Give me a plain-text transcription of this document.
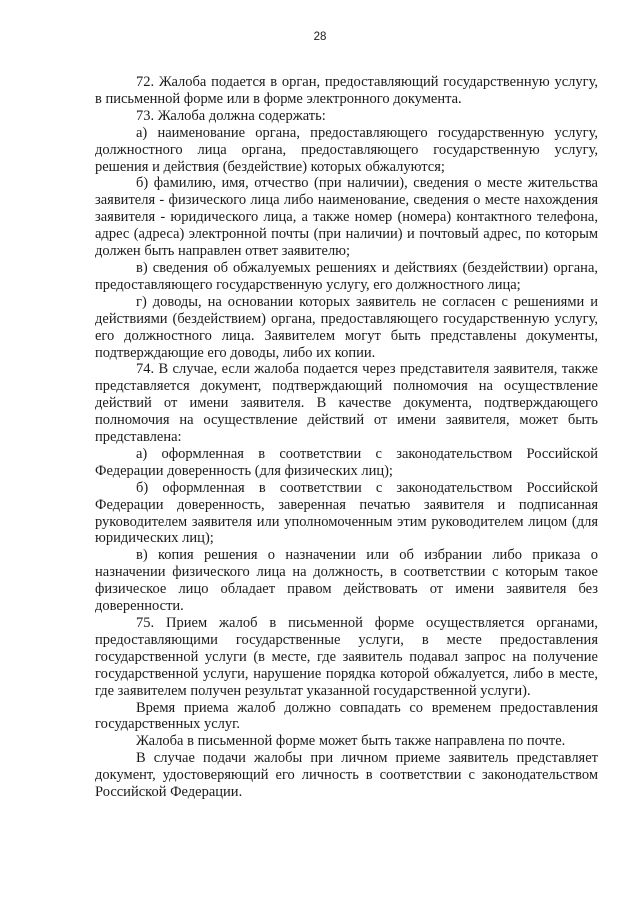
28

72. Жалоба подается в орган, предоставляющий государственную услугу, в письменной форме или в форме электронного документа.

73. Жалоба должна содержать:

а) наименование органа, предоставляющего государственную услугу, должностного лица органа, предоставляющего государственную услугу, решения и действия (бездействие) которых обжалуются;

б) фамилию, имя, отчество (при наличии), сведения о месте жительства заявителя - физического лица либо наименование, сведения о месте нахождения заявителя - юридического лица, а также номер (номера) контактного телефона, адрес (адреса) электронной почты (при наличии) и почтовый адрес, по которым должен быть направлен ответ заявителю;

в) сведения об обжалуемых решениях и действиях (бездействии) органа, предоставляющего государственную услугу, его должностного лица;

г) доводы, на основании которых заявитель не согласен с решениями и действиями (бездействием) органа, предоставляющего государственную услугу, его должностного лица. Заявителем могут быть представлены документы, подтверждающие его доводы, либо их копии.

74. В случае, если жалоба подается через представителя заявителя, также представляется документ, подтверждающий полномочия на осуществление действий от имени заявителя. В качестве документа, подтверждающего полномочия на осуществление действий от имени заявителя, может быть представлена:

а) оформленная в соответствии с законодательством Российской Федерации доверенность (для физических лиц);

б) оформленная в соответствии с законодательством Российской Федерации доверенность, заверенная печатью заявителя и подписанная руководителем заявителя или уполномоченным этим руководителем лицом (для юридических лиц);

в) копия решения о назначении или об избрании либо приказа о назначении физического лица на должность, в соответствии с которым такое физическое лицо обладает правом действовать от имени заявителя без доверенности.

75. Прием жалоб в письменной форме осуществляется органами, предоставляющими государственные услуги, в месте предоставления государственной услуги (в месте, где заявитель подавал запрос на получение государственной услуги, нарушение порядка которой обжалуется, либо в месте, где заявителем получен результат указанной государственной услуги).

Время приема жалоб должно совпадать со временем предоставления государственных услуг.

Жалоба в письменной форме может быть также направлена по почте.

В случае подачи жалобы при личном приеме заявитель представляет документ, удостоверяющий его личность в соответствии с законодательством Российской Федерации.
